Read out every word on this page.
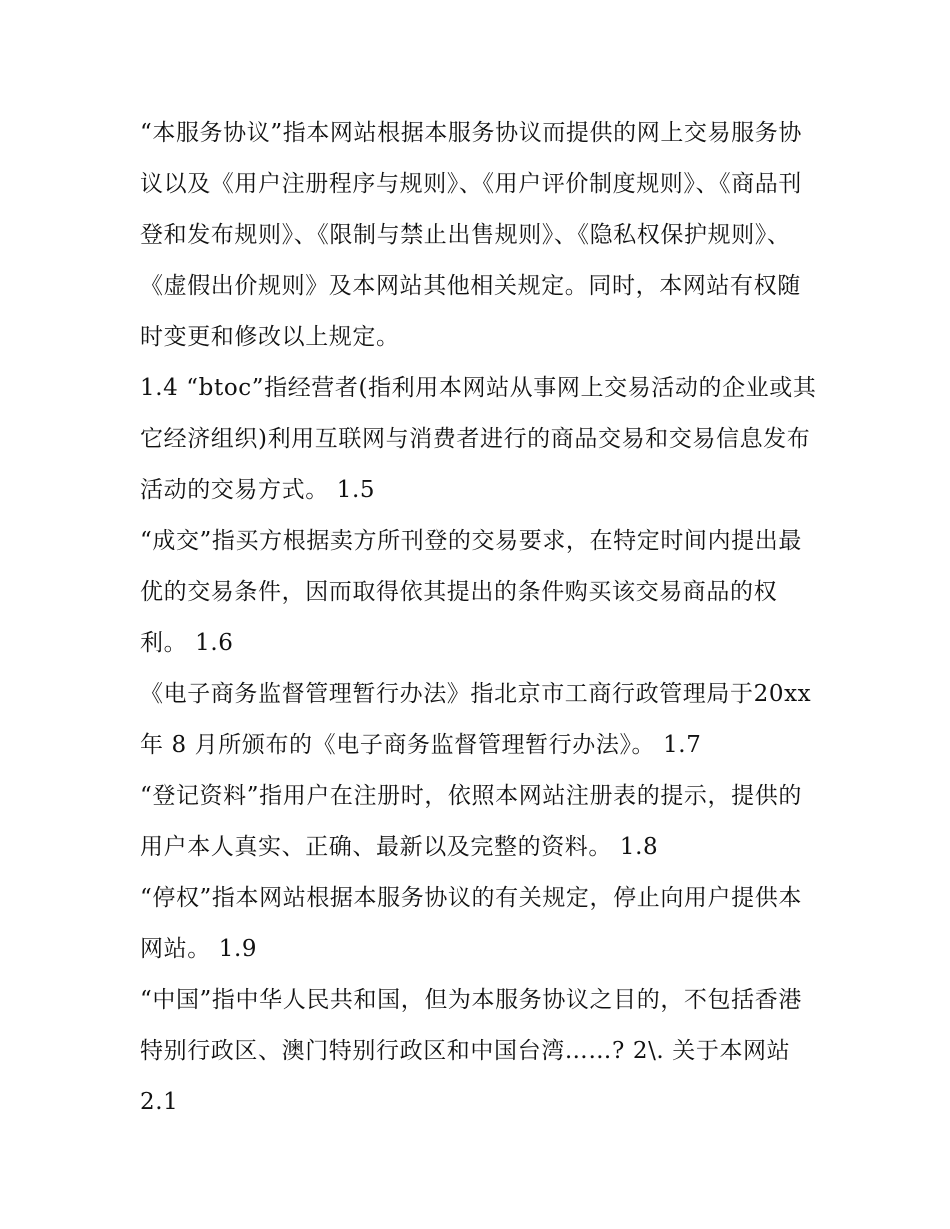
“本服务协议”指本网站根据本服务协议而提供的网上交易服务协议以及《用户注册程序与规则》、《用户评价制度规则》、《商品刊登和发布规则》、《限制与禁止出售规则》、《隐私权保护规则》、《虚假出价规则》及本网站其他相关规定。同时，本网站有权随时变更和修改以上规定。

1.4 “btoc”指经营者(指利用本网站从事网上交易活动的企业或其它经济组织)利用互联网与消费者进行的商品交易和交易信息发布活动的交易方式。 1.5

“成交”指买方根据卖方所刊登的交易要求，在特定时间内提出最优的交易条件，因而取得依其提出的条件购买该交易商品的权利。 1.6

《电子商务监督管理暂行办法》指北京市工商行政管理局于20xx 年 8 月所颁布的《电子商务监督管理暂行办法》。 1.7

“登记资料”指用户在注册时，依照本网站注册表的提示，提供的用户本人真实、正确、最新以及完整的资料。 1.8

“停权”指本网站根据本服务协议的有关规定，停止向用户提供本网站。 1.9

“中国”指中华人民共和国，但为本服务协议之目的，不包括香港特别行政区、澳门特别行政区和中国台湾……? 2\. 关于本网站 2.1
